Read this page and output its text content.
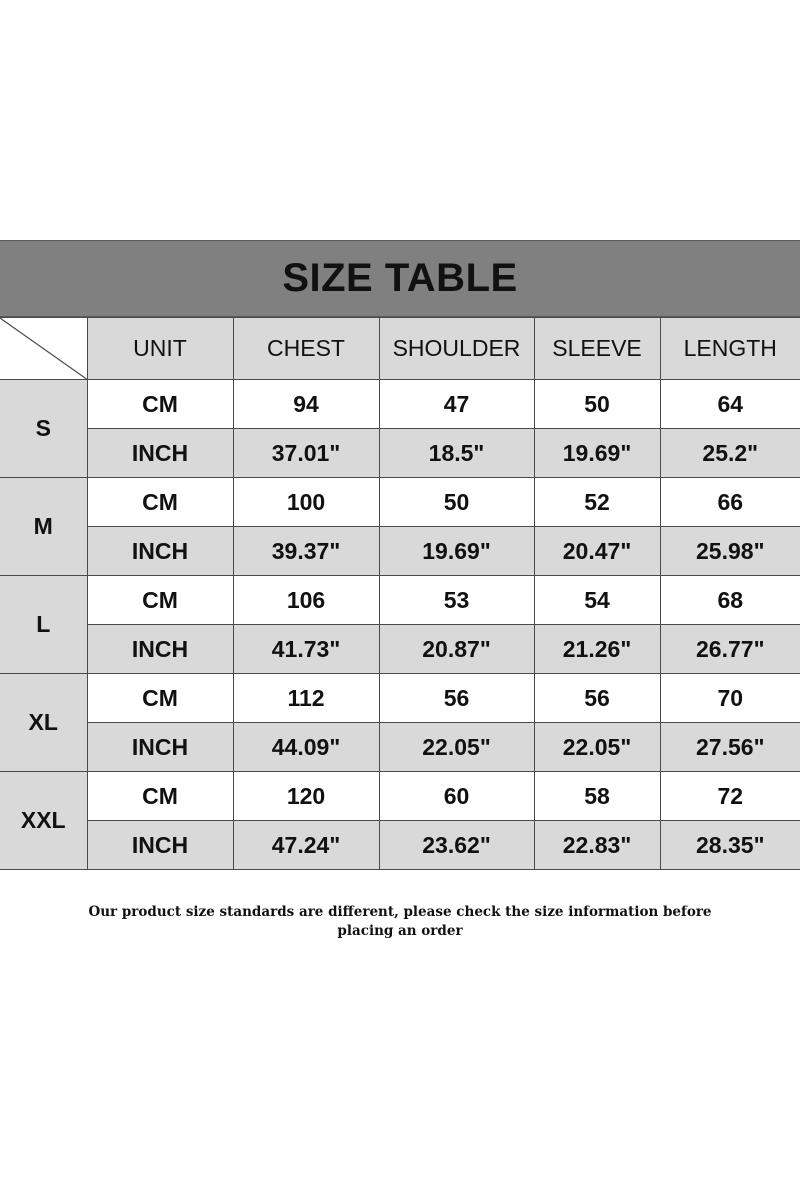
SIZE TABLE
	UNIT	CHEST	SHOULDER	SLEEVE	LENGTH
S	CM	94	47	50	64
	INCH	37.01"	18.5"	19.69"	25.2"
M	CM	100	50	52	66
	INCH	39.37"	19.69"	20.47"	25.98"
L	CM	106	53	54	68
	INCH	41.73"	20.87"	21.26"	26.77"
XL	CM	112	56	56	70
	INCH	44.09"	22.05"	22.05"	27.56"
XXL	CM	120	60	58	72
	INCH	47.24"	23.62"	22.83"	28.35"
Our product size standards are different, please check the size information before
placing an order
